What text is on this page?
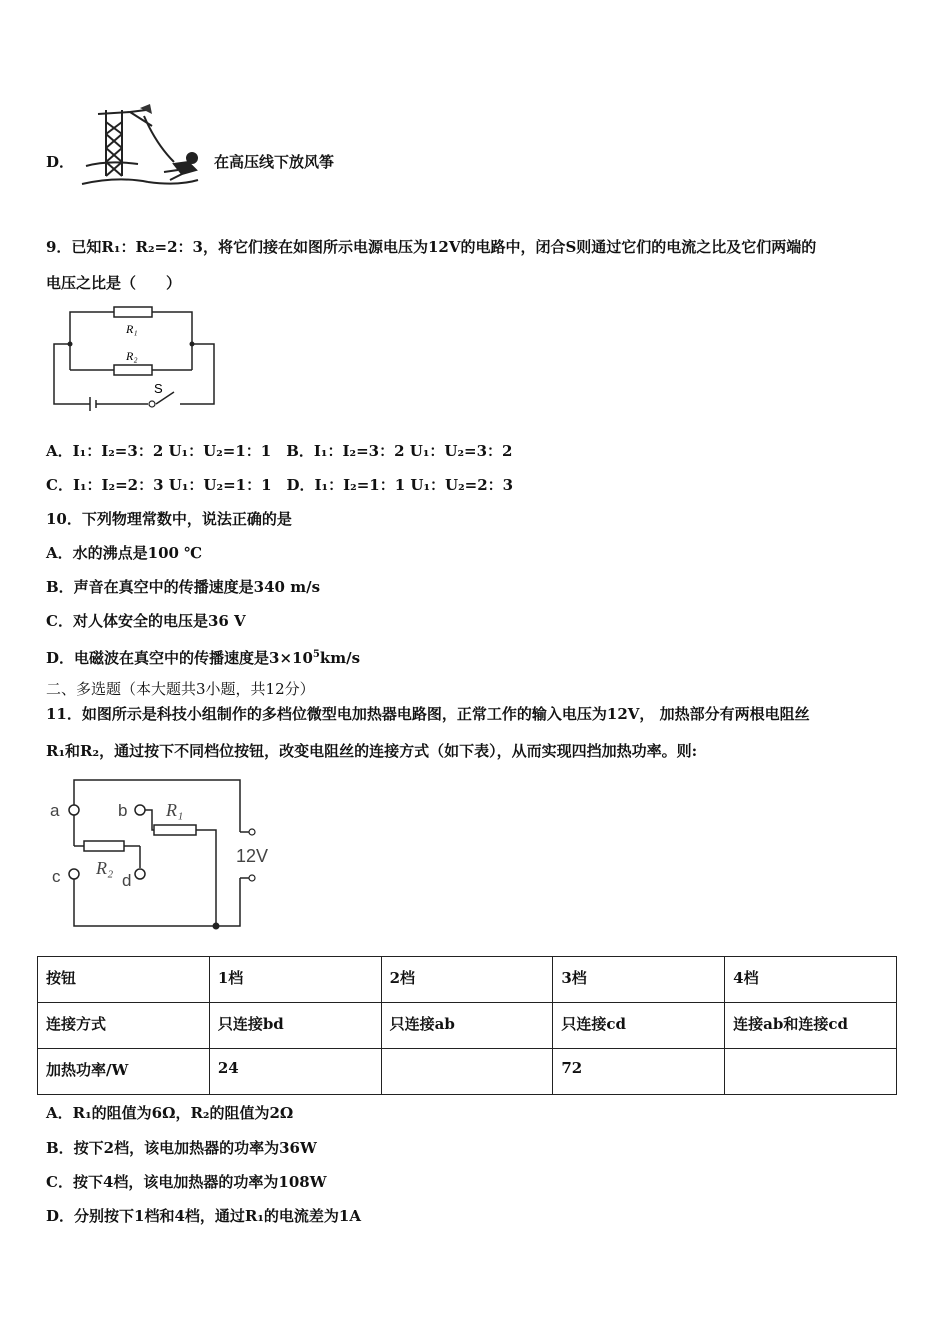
D．	在高压线下放风筝
9．已知R₁：R₂=2：3，将它们接在如图所示电源电压为12V的电路中，闭合S则通过它们的电流之比及它们两端的
电压之比是（　　）
R₁
R₂
S
A．I₁：I₂=3：2 U₁：U₂=1：1　B．I₁：I₂=3：2 U₁：U₂=3：2
C．I₁：I₂=2：3 U₁：U₂=1：1　D．I₁：I₂=1：1 U₁：U₂=2：3
10．下列物理常数中，说法正确的是
A．水的沸点是100 ℃
B．声音在真空中的传播速度是340 m/s
C．对人体安全的电压是36 V
D．电磁波在真空中的传播速度是$3\times 10^5km/s$
二、多选题（本大题共3小题，共12分）
11．如图所示是科技小组制作的多档位微型电加热器电路图，正常工作的输入电压为12V， 加热部分有两根电阻丝
R₁和R₂，通过按下不同档位按钮，改变电阻丝的连接方式（如下表），从而实现四挡加热功率。则:
a	b
c	d
R₁
R₂
12V
按钮	1档	2档	3档	4档
连接方式	只连接bd	只连接ab	只连接cd	连接ab和连接cd
加热功率/W	24		72	
A．R₁的阻值为6Ω，R₂的阻值为2Ω
B．按下2档，该电加热器的功率为36W
C．按下4档，该电加热器的功率为108W
D．分别按下1档和4档，通过R₁的电流差为1A
